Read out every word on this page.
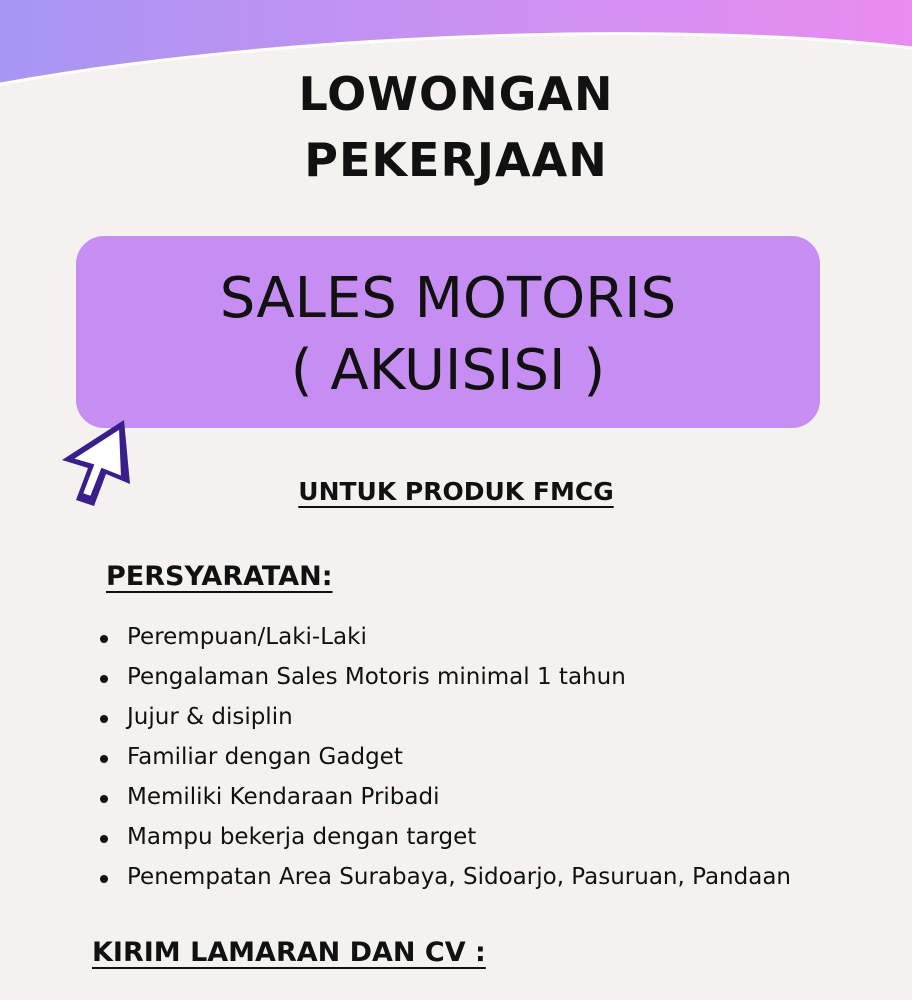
LOWONGAN
PEKERJAAN
SALES MOTORIS
( AKUISISI )
UNTUK PRODUK FMCG
PERSYARATAN:
Perempuan/Laki-Laki
Pengalaman Sales Motoris minimal 1 tahun
Jujur & disiplin
Familiar dengan Gadget
Memiliki Kendaraan Pribadi
Mampu bekerja dengan target
Penempatan Area Surabaya, Sidoarjo, Pasuruan, Pandaan
KIRIM LAMARAN DAN CV :
